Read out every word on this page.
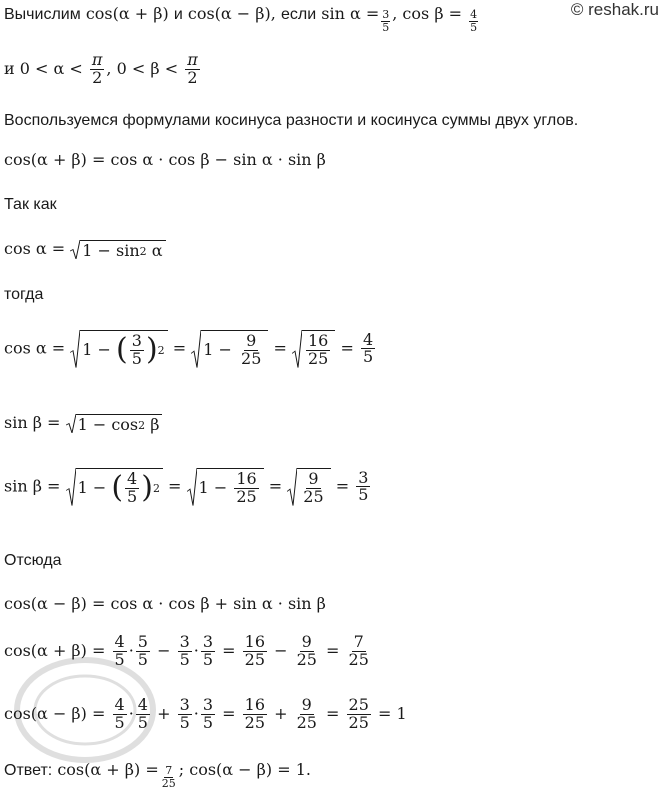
© reshak.ru
Вычислим cos(α + β) и cos(α − β), если $\sin \alpha = \frac{3}{5}$ , $\cos \beta = \frac{4}{5}$
и $0 < \alpha < \frac{\pi}{2}$ , $0 < \beta < \frac{\pi}{2}$
Воспользуемся формулами косинуса разности и косинуса суммы двух углов.
cos(α + β) = cos α · cos β − sin α · sin β
Так как
cos α = 1 − sin 2
α
тогда
cos α = 1 −
( $\frac{3}{5}$ ) 2 = 1 −
$\frac{9}{25} = \frac{16}{25} = \frac{4}{5}$
sin β = 1 − cos 2
β
sin β = 1 −
( $\frac{4}{5}$ ) 2 = 1 −
$\frac{16}{25} = \frac{9}{25} = \frac{3}{5}$
Отсюда
cos(α − β) = cos α · cos β + sin α · sin β
$\cos(\alpha + \beta) = \frac{4}{5} \cdot \frac{5}{5} - \frac{3}{5} \cdot \frac{3}{5} = \frac{16}{25} - \frac{9}{25} = \frac{7}{25}$
$\cos(\alpha - \beta) = \frac{4}{5} \cdot \frac{4}{5} + \frac{3}{5} \cdot \frac{3}{5} = \frac{16}{25} + \frac{9}{25} = \frac{25}{25} = 1$
Ответ: $\cos(\alpha + \beta) = \frac{7}{25}$ ; cos(α − β) = 1.
